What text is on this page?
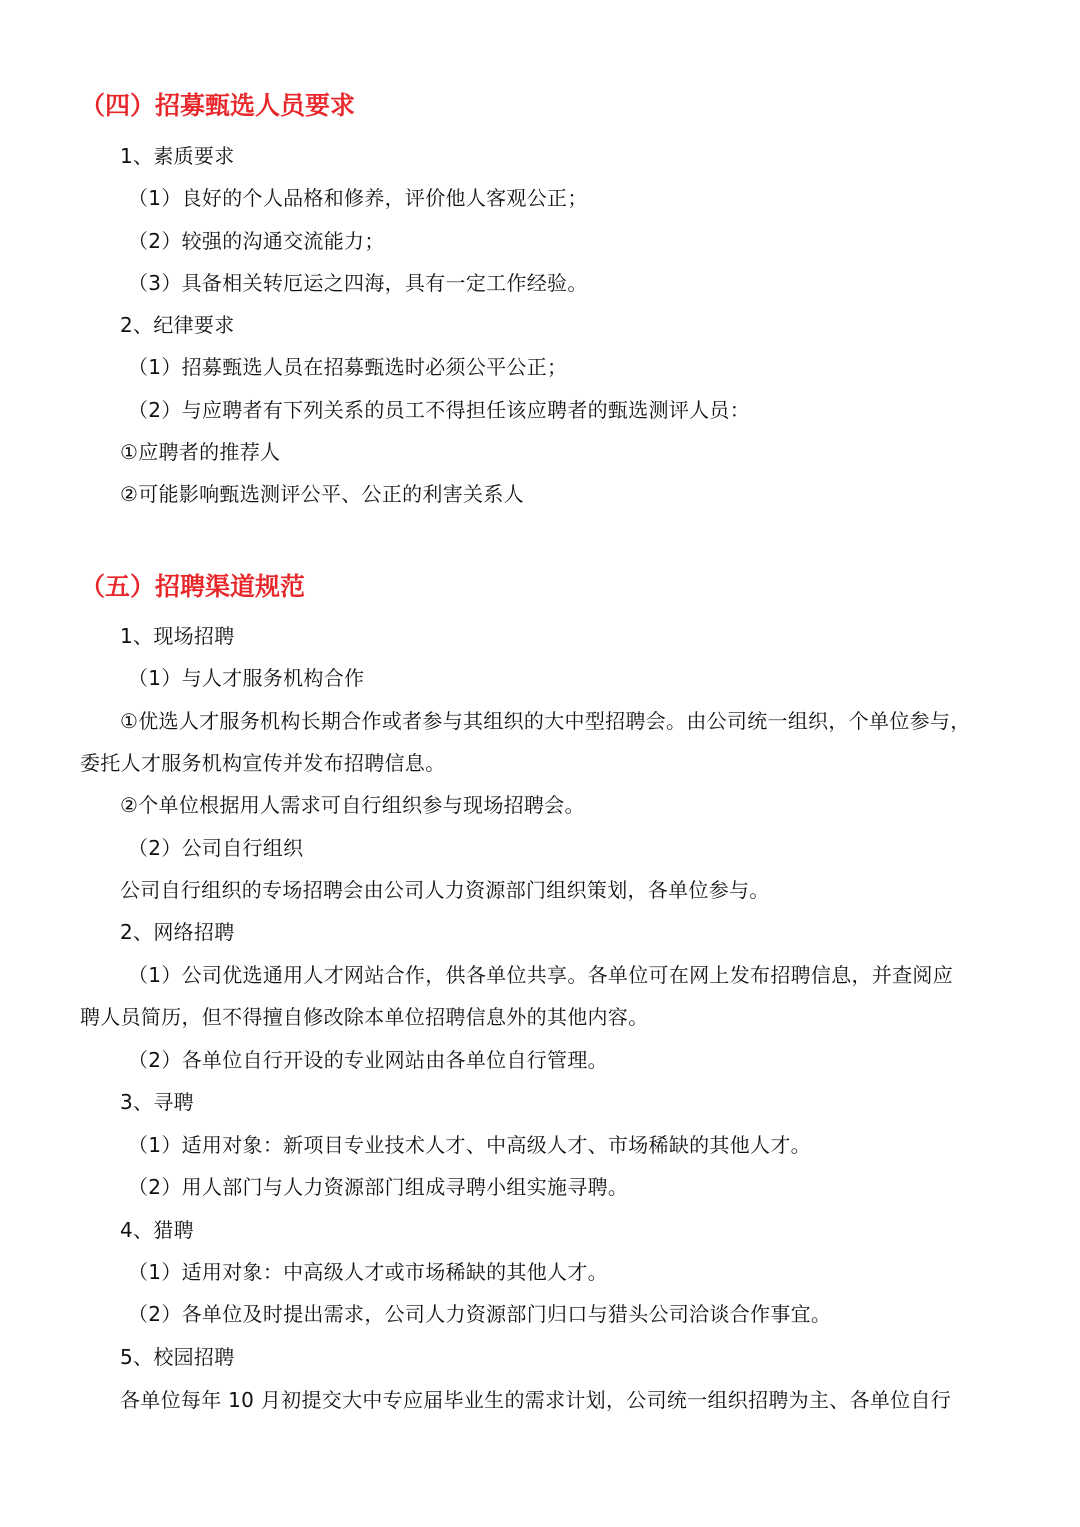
（四）招募甄选人员要求
1、素质要求
（1）良好的个人品格和修养，评价他人客观公正；
（2）较强的沟通交流能力；
（3）具备相关转厄运之四海，具有一定工作经验。
2、纪律要求
（1）招募甄选人员在招募甄选时必须公平公正；
（2）与应聘者有下列关系的员工不得担任该应聘者的甄选测评人员：
①应聘者的推荐人
②可能影响甄选测评公平、公正的利害关系人
（五）招聘渠道规范
1、现场招聘
（1）与人才服务机构合作
①优选人才服务机构长期合作或者参与其组织的大中型招聘会。由公司统一组织，个单位参与，
委托人才服务机构宣传并发布招聘信息。
②个单位根据用人需求可自行组织参与现场招聘会。
（2）公司自行组织
公司自行组织的专场招聘会由公司人力资源部门组织策划，各单位参与。
2、网络招聘
（1）公司优选通用人才网站合作，供各单位共享。各单位可在网上发布招聘信息，并查阅应
聘人员简历，但不得擅自修改除本单位招聘信息外的其他内容。
（2）各单位自行开设的专业网站由各单位自行管理。
3、寻聘
（1）适用对象：新项目专业技术人才、中高级人才、市场稀缺的其他人才。
（2）用人部门与人力资源部门组成寻聘小组实施寻聘。
4、猎聘
（1）适用对象：中高级人才或市场稀缺的其他人才。
（2）各单位及时提出需求，公司人力资源部门归口与猎头公司洽谈合作事宜。
5、校园招聘
各单位每年 10 月初提交大中专应届毕业生的需求计划，公司统一组织招聘为主、各单位自行
